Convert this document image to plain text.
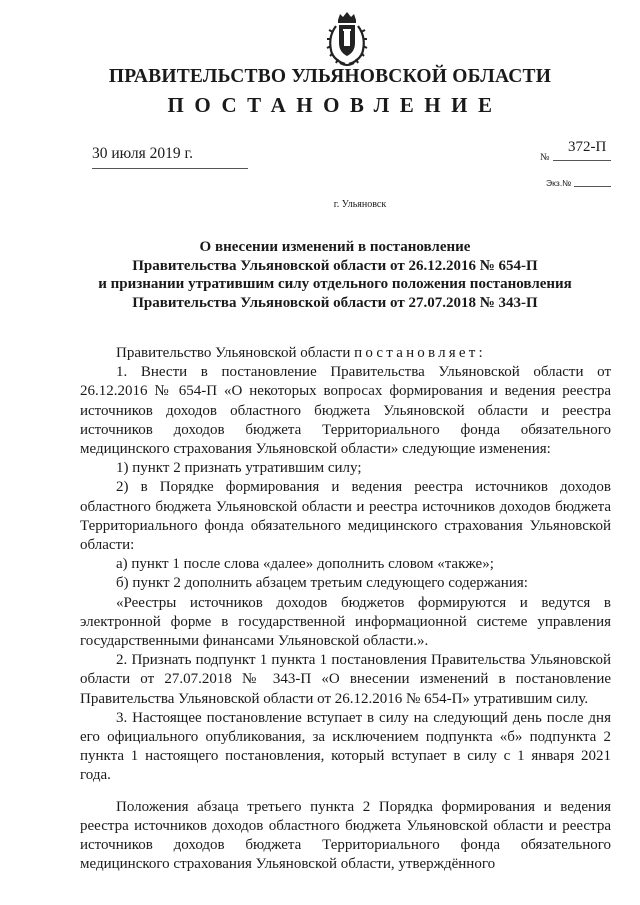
ПРАВИТЕЛЬСТВО УЛЬЯНОВСКОЙ ОБЛАСТИ
ПОСТАНОВЛЕНИЕ
30 июля 2019 г.	№
372-П
Экз.№
г. Ульяновск
О внесении изменений в постановление
Правительства Ульяновской области от 26.12.2016 № 654-П
и признании утратившим силу отдельного положения постановления
Правительства Ульяновской области от 27.07.2018 № 343-П

Правительство Ульяновской области постановляет:

1. Внести в постановление Правительства Ульяновской области от 26.12.2016 № 654-П «О некоторых вопросах формирования и ведения реестра источников доходов областного бюджета Ульяновской области и реестра источников доходов бюджета Территориального фонда обязательного медицинского страхования Ульяновской области» следующие изменения:

1) пункт 2 признать утратившим силу;

2) в Порядке формирования и ведения реестра источников доходов областного бюджета Ульяновской области и реестра источников доходов бюджета Территориального фонда обязательного медицинского страхования Ульяновской области:

а) пункт 1 после слова «далее» дополнить словом «также»;

б) пункт 2 дополнить абзацем третьим следующего содержания:

«Реестры источников доходов бюджетов формируются и ведутся в электронной форме в государственной информационной системе управления государственными финансами Ульяновской области.».

2. Признать подпункт 1 пункта 1 постановления Правительства Ульяновской области от 27.07.2018 № 343-П «О внесении изменений в постановление Правительства Ульяновской области от 26.12.2016 № 654-П» утратившим силу.

3. Настоящее постановление вступает в силу на следующий день после дня его официального опубликования, за исключением подпункта «б» подпункта 2 пункта 1 настоящего постановления, который вступает в силу с 1 января 2021 года.

Положения абзаца третьего пункта 2 Порядка формирования и ведения реестра источников доходов областного бюджета Ульяновской области и реестра источников доходов бюджета Территориального фонда обязательного медицинского страхования Ульяновской области, утверждённого
